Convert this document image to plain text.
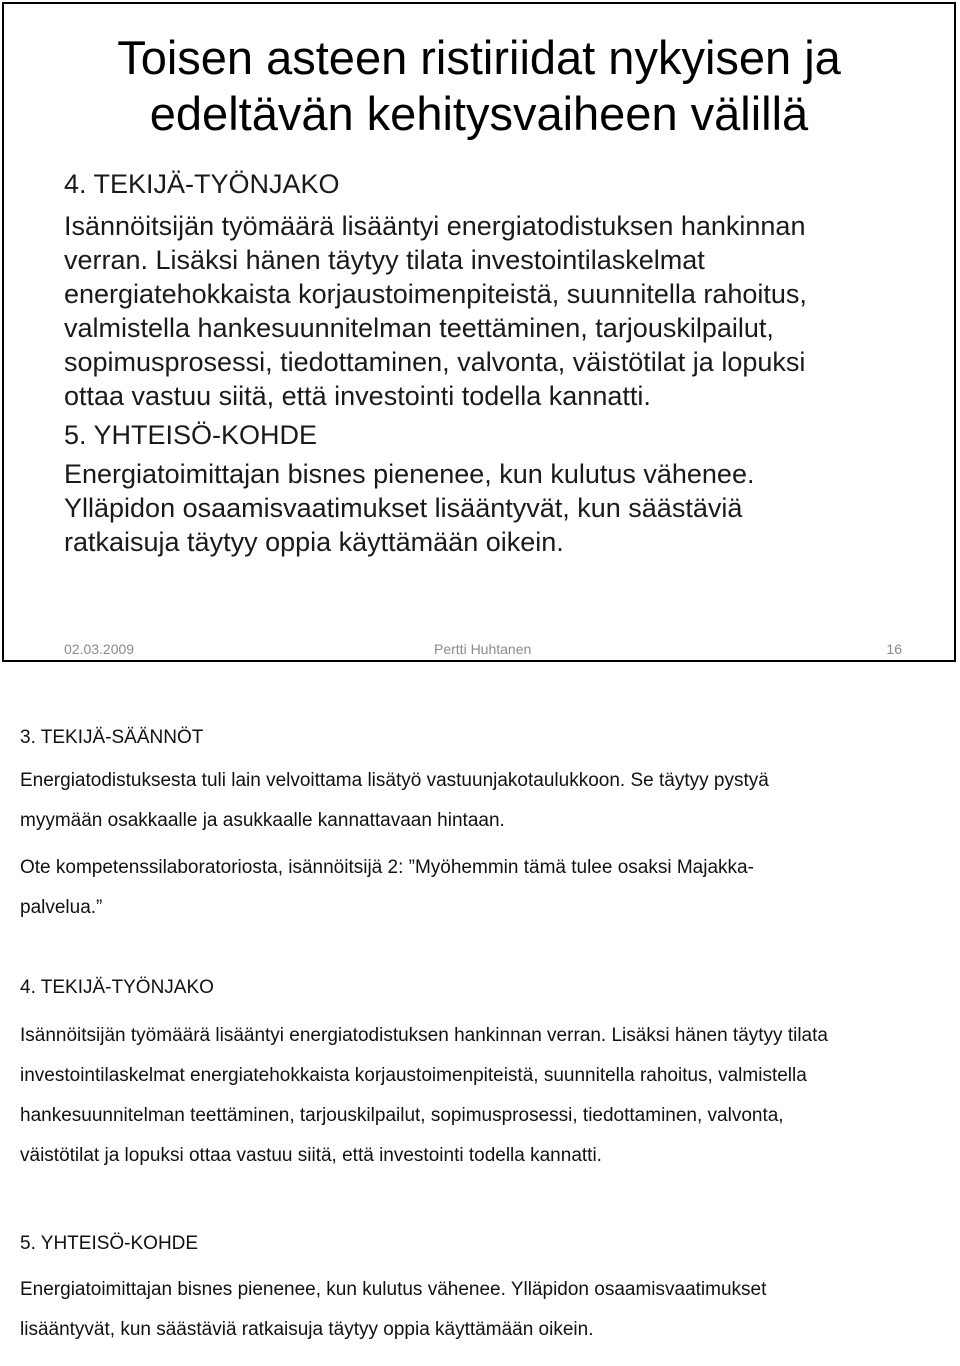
Toisen asteen ristiriidat nykyisen ja
edeltävän kehitysvaiheen välillä

4. TEKIJÄ-TYÖNJAKO

Isännöitsijän työmäärä lisääntyi energiatodistuksen hankinnan

verran. Lisäksi hänen täytyy tilata investointilaskelmat

energiatehokkaista korjaustoimenpiteistä, suunnitella rahoitus,

valmistella hankesuunnitelman teettäminen, tarjouskilpailut,

sopimusprosessi, tiedottaminen, valvonta, väistötilat ja lopuksi

ottaa vastuu siitä, että investointi todella kannatti.

5. YHTEISÖ-KOHDE

Energiatoimittajan bisnes pienenee, kun kulutus vähenee.

Ylläpidon osaamisvaatimukset lisääntyvät, kun säästäviä

ratkaisuja täytyy oppia käyttämään oikein.

02.03.2009	Pertti Huhtanen	16

3. TEKIJÄ-SÄÄNNÖT

Energiatodistuksesta tuli lain velvoittama lisätyö vastuunjakotaulukkoon. Se täytyy pystyä

myymään osakkaalle ja asukkaalle kannattavaan hintaan.

Ote kompetenssilaboratoriosta, isännöitsijä 2: ”Myöhemmin tämä tulee osaksi Majakka-

palvelua.”

4. TEKIJÄ-TYÖNJAKO

Isännöitsijän työmäärä lisääntyi energiatodistuksen hankinnan verran. Lisäksi hänen täytyy tilata

investointilaskelmat energiatehokkaista korjaustoimenpiteistä, suunnitella rahoitus, valmistella

hankesuunnitelman teettäminen, tarjouskilpailut, sopimusprosessi, tiedottaminen, valvonta,

väistötilat ja lopuksi ottaa vastuu siitä, että investointi todella kannatti.

5. YHTEISÖ-KOHDE

Energiatoimittajan bisnes pienenee, kun kulutus vähenee. Ylläpidon osaamisvaatimukset

lisääntyvät, kun säästäviä ratkaisuja täytyy oppia käyttämään oikein.
